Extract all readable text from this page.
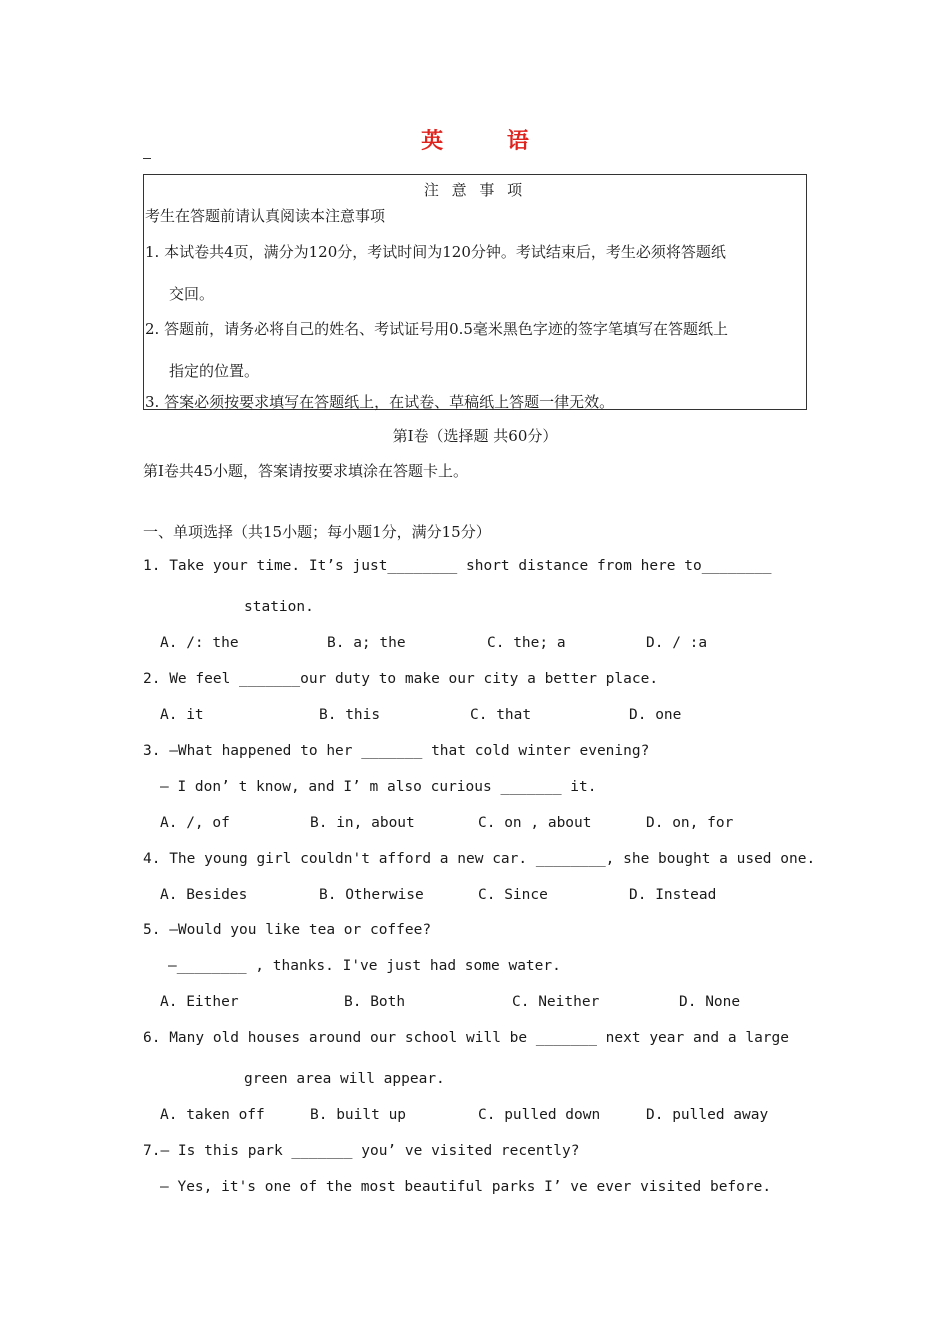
英 语
注 意 事 项
考生在答题前请认真阅读本注意事项
1. 本试卷共4页，满分为120分，考试时间为120分钟。考试结束后，考生必须将答题纸
交回。
2. 答题前，请务必将自己的姓名、考试证号用0.5毫米黑色字迹的签字笔填写在答题纸上
指定的位置。
3. 答案必须按要求填写在答题纸上，在试卷、草稿纸上答题一律无效。
第Ⅰ卷（选择题 共60分）
第Ⅰ卷共45小题，答案请按要求填涂在答题卡上。
一、单项选择（共15小题；每小题1分，满分15分）
1. Take your time. It’s just________ short distance from here to________
station.
A. /: the	B. a; the	C. the; a	D. / :a
2. We feel _______our duty to make our city a better place.
A. it	B. this	C. that	D. one
3. —What happened to her _______ that cold winter evening?
— I don’ t know, and I’ m also curious _______ it.
A. /, of	B. in, about	C. on , about	D. on, for
4. The young girl couldn't afford a new car. ________, she bought a used one.
A. Besides	B. Otherwise	C. Since	D. Instead
5. —Would you like tea or coffee?
—________ , thanks. I've just had some water.
A. Either	B. Both	C. Neither	D. None
6. Many old houses around our school will be _______ next year and a large
green area will appear.
A. taken off	B. built up	C. pulled down	D. pulled away
7.— Is this park _______ you’ ve visited recently?
— Yes, it's one of the most beautiful parks I’ ve ever visited before.
